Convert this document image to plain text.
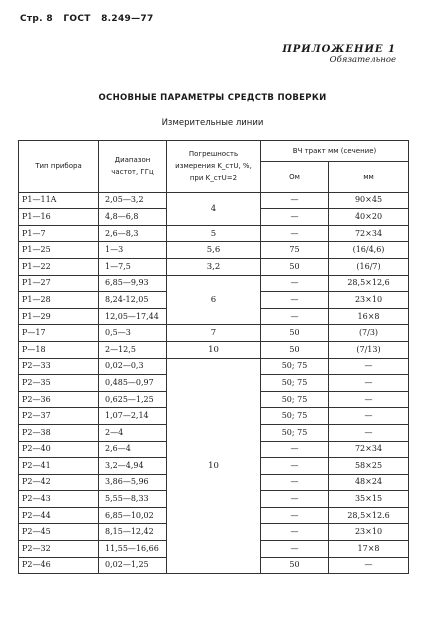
Стр. 8 ГОСТ 8.249—77
ПРИЛОЖЕНИЕ 1
Обязательное
ОСНОВНЫЕ ПАРАМЕТРЫ СРЕДСТВ ПОВЕРКИ
Измерительные линии
Тип прибора	Диапазон частот, ГГц	Погрешность измерения K_стU, %, при K_стU=2	ВЧ тракт мм (сечение)	
			Ом	мм
P1—11A	2,05—3,2	4	—	90×45
P1—16	4,8—6,8		—	40×20
P1—7	2,6—8,3	5	—	72×34
P1—25	1—3	5,6	75	(16/4,6)
P1—22	1—7,5	3,2	50	(16/7)
P1—27	6,85—9,93	6	—	28,5×12,6
P1—28	8,24-12,05		—	23×10
P1—29	12,05—17,44		—	16×8
P—17	0,5—3	7	50	(7/3)
P—18	2—12,5	10	50	(7/13)
P2—33	0,02—0,3	10	50; 75	—
P2—35	0,485—0,97		50; 75	—
P2—36	0,625—1,25		50; 75	—
P2—37	1,07—2,14		50; 75	—
P2—38	2—4		50; 75	—
P2—40	2,6—4		—	72×34
P2—41	3,2—4,94		—	58×25
P2—42	3,86—5,96		—	48×24
P2—43	5,55—8,33		—	35×15
P2—44	6,85—10,02		—	28,5×12.6
P2—45	8,15—12,42		—	23×10
P2—32	11,55—16,66		—	17×8
P2—46	0,02—1,25		50	—
